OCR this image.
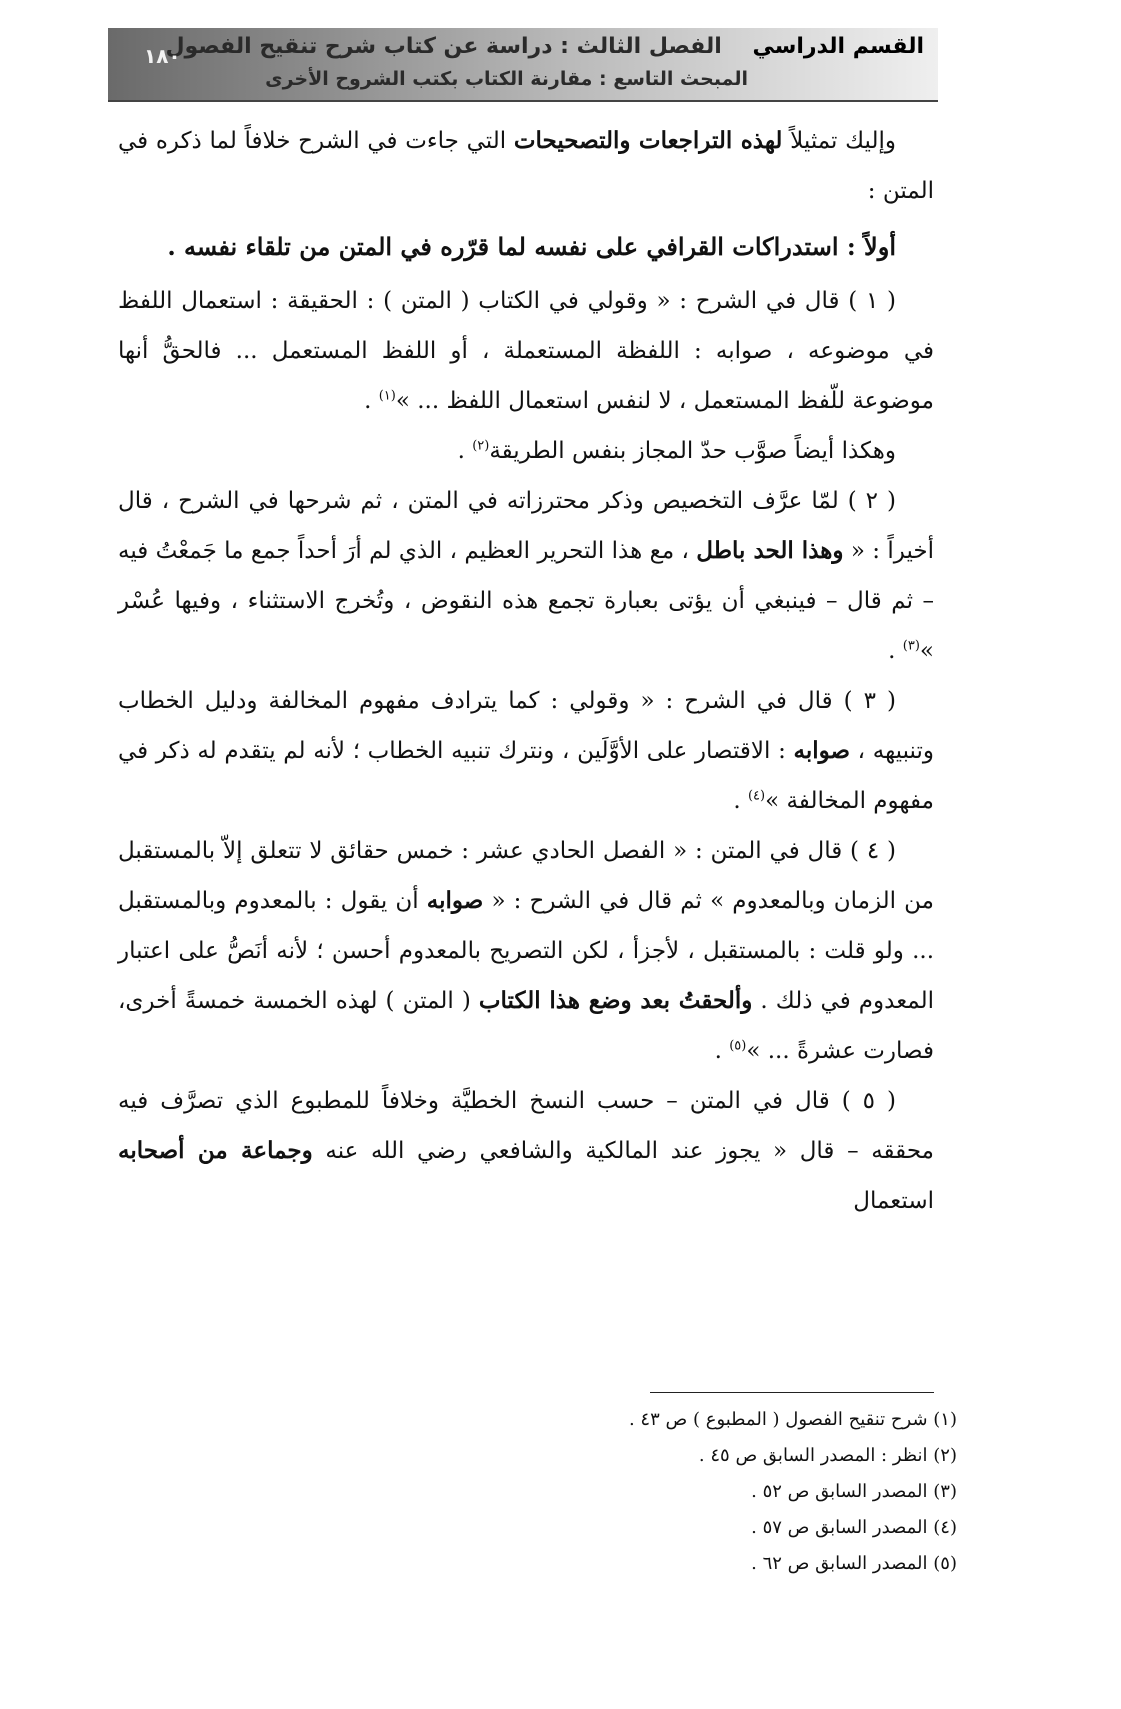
القسم الدراسي    الفصل الثالث : دراسة عن كتاب شرح تنقيح الفصول
المبحث التاسع : مقارنة الكتاب بكتب الشروح الأخرى
١٨٠

وإليك تمثيلاً لهذه التراجعات والتصحيحات التي جاءت في الشرح خلافاً لما ذكره في المتن :

أولاً : استدراكات القرافي على نفسه لما قرّره في المتن من تلقاء نفسه .

( ١ ) قال في الشرح : « وقولي في الكتاب ( المتن ) : الحقيقة : استعمال اللفظ في موضوعه ، صوابه : اللفظة المستعملة ، أو اللفظ المستعمل ... فالحقُّ أنها موضوعة للّفظ المستعمل ، لا لنفس استعمال اللفظ ... »$^{(١)}$ .

وهكذا أيضاً صوَّب حدّ المجاز بنفس الطريقة$^{(٢)}$ .

( ٢ ) لمّا عرَّف التخصيص وذكر محترزاته في المتن ، ثم شرحها في الشرح ، قال أخيراً : « وهذا الحد باطل ، مع هذا التحرير العظيم ، الذي لم أرَ أحداً جمع ما جَمعْتُ فيه – ثم قال – فينبغي أن يؤتى بعبارة تجمع هذه النقوض ، وتُخرج الاستثناء ، وفيها عُسْر »$^{(٣)}$ .

( ٣ ) قال في الشرح : « وقولي : كما يترادف مفهوم المخالفة ودليل الخطاب وتنبيهه ، صوابه : الاقتصار على الأوَّلَين ، ونترك تنبيه الخطاب ؛ لأنه لم يتقدم له ذكر في مفهوم المخالفة »$^{(٤)}$ .

( ٤ ) قال في المتن : « الفصل الحادي عشر : خمس حقائق لا تتعلق إلاّ بالمستقبل من الزمان وبالمعدوم » ثم قال في الشرح : « صوابه أن يقول : بالمعدوم وبالمستقبل ... ولو قلت : بالمستقبل ، لأجزأ ، لكن التصريح بالمعدوم أحسن ؛ لأنه أنَصُّ على اعتبار المعدوم في ذلك . وألحقتُ بعد وضع هذا الكتاب ( المتن ) لهذه الخمسة خمسةً أخرى، فصارت عشرةً ... »$^{(٥)}$ .

( ٥ ) قال في المتن – حسب النسخ الخطيَّة وخلافاً للمطبوع الذي تصرَّف فيه محققه – قال « يجوز عند المالكية والشافعي رضي الله عنه وجماعة من أصحابه استعمال

(١) شرح تنقيح الفصول ( المطبوع ) ص ٤٣ .
(٢) انظر : المصدر السابق ص ٤٥ .
(٣) المصدر السابق ص ٥٢ .
(٤) المصدر السابق ص ٥٧ .
(٥) المصدر السابق ص ٦٢ .
